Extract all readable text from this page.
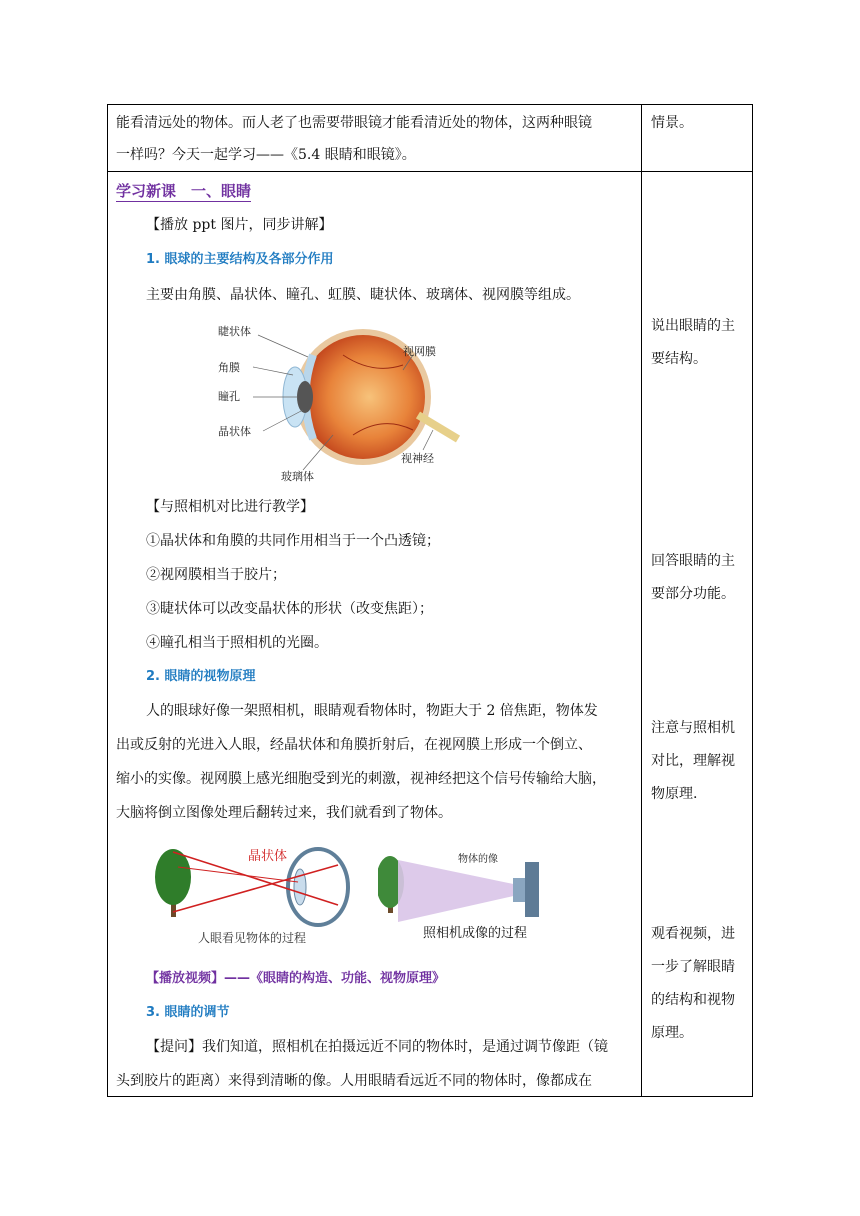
能看清远处的物体。而人老了也需要带眼镜才能看清近处的物体，这两种眼镜
一样吗？今天一起学习——《5.4 眼睛和眼镜》。
情景。
学习新课　一、眼睛
【播放 ppt 图片，同步讲解】
1. 眼球的主要结构及各部分作用
主要由角膜、晶状体、瞳孔、虹膜、睫状体、玻璃体、视网膜等组成。
睫状体
角膜
瞳孔
晶状体
玻璃体
视网膜
视神经
【与照相机对比进行教学】
①晶状体和角膜的共同作用相当于一个凸透镜；
②视网膜相当于胶片；
③睫状体可以改变晶状体的形状（改变焦距）；
④瞳孔相当于照相机的光圈。
2. 眼睛的视物原理
人的眼球好像一架照相机，眼睛观看物体时，物距大于 2 倍焦距，物体发
出或反射的光进入人眼，经晶状体和角膜折射后，在视网膜上形成一个倒立、
缩小的实像。视网膜上感光细胞受到光的刺激，视神经把这个信号传输给大脑，
大脑将倒立图像处理后翻转过来，我们就看到了物体。
晶状体
人眼看见物体的过程
物体的像
照相机成像的过程
【播放视频】——《眼睛的构造、功能、视物原理》
3. 眼睛的调节
【提问】我们知道，照相机在拍摄远近不同的物体时，是通过调节像距（镜
头到胶片的距离）来得到清晰的像。人用眼睛看远近不同的物体时，像都成在
说出眼睛的主
要结构。
回答眼睛的主
要部分功能。
注意与照相机
对比，理解视
物原理.
观看视频，进
一步了解眼睛
的结构和视物
原理。
